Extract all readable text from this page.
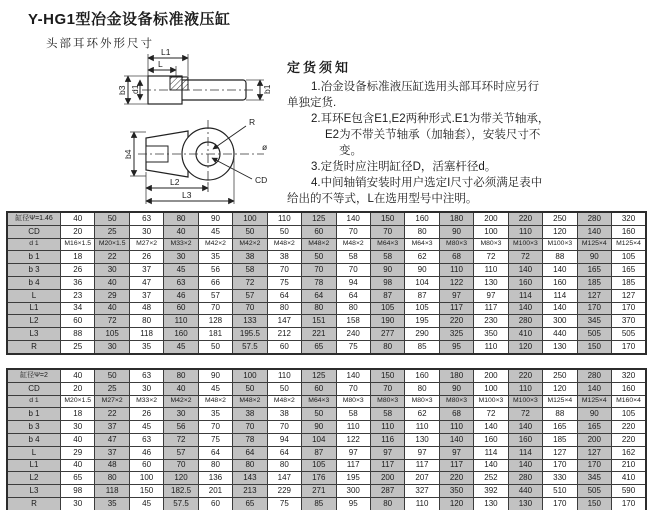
Y-HG1型冶金设备标准液压缸
头部耳环外形尺寸
L1
L
b3 d1	b1
R
ø
CD
b4
L2
L3
定货须知
1.冶金设备标准液压缸选用头部耳环时应另行
单独定货.
2.耳环E包含E1,E2两种形式.E1为带关节轴承，
E2为不带关节轴承（加轴套），安装尺寸不
变。
3.定货时应注明缸径D，活塞杆径d。
4.中间轴销安装时用户选定I尺寸必须满足表中
给出的不等式，L在选用型号中注明。
缸径Ψ=1.46	40	50	63	80	90	100	110	125	140	150	160	180	200	220	250	280	320
CD	20	25	30	40	45	50	50	60	70	70	80	90	100	110	120	140	160
d 1	M16×1.5	M20×1.5	M27×2	M33×2	M42×2	M42×2	M48×2	M48×2	M48×2	M64×3	M64×3	M80×3	M80×3	M100×3	M100×3	M125×4	M125×4
b 1	18	22	26	30	35	38	38	50	58	58	62	68	72	72	88	90	105
b 3	26	30	37	45	56	58	70	70	70	90	90	110	110	140	140	165	165
b 4	36	40	47	63	66	72	75	78	94	98	104	122	130	160	160	185	185
L	23	29	37	46	57	57	64	64	64	87	87	97	97	114	114	127	127
L1	34	40	48	60	70	70	80	80	80	105	105	117	117	140	140	170	170
L2	60	72	80	110	128	133	147	151	158	190	195	220	230	280	300	345	370
L3	88	105	118	160	181	195.5	212	221	240	277	290	325	350	410	440	505	505
R	25	30	35	45	50	57.5	60	65	75	80	85	95	110	120	130	150	170
缸径Ψ=2	40	50	63	80	90	100	110	125	140	150	160	180	200	220	250	280	320
CD	20	25	30	40	45	50	50	60	70	70	80	90	100	110	120	140	160
d 1	M20×1.5	M27×2	M33×2	M42×2	M48×2	M48×2	M48×2	M64×3	M80×3	M80×3	M80×3	M80×3	M100×3	M100×3	M125×4	M125×4	M160×4
b 1	18	22	26	30	35	38	38	50	58	58	62	68	72	72	88	90	105
b 3	30	37	45	56	70	70	70	90	110	110	110	110	140	140	165	165	220
b 4	40	47	63	72	75	78	94	104	122	116	130	140	160	160	185	200	220
L	29	37	46	57	64	64	64	87	97	97	97	97	114	114	127	127	162
L1	40	48	60	70	80	80	80	105	117	117	117	117	140	140	170	170	210
L2	65	80	100	120	136	143	147	176	195	200	207	220	252	280	330	345	410
L3	98	118	150	182.5	201	213	229	271	300	287	327	350	392	440	510	505	590
R	30	35	45	57.5	60	65	75	85	95	80	110	120	130	130	170	150	170
